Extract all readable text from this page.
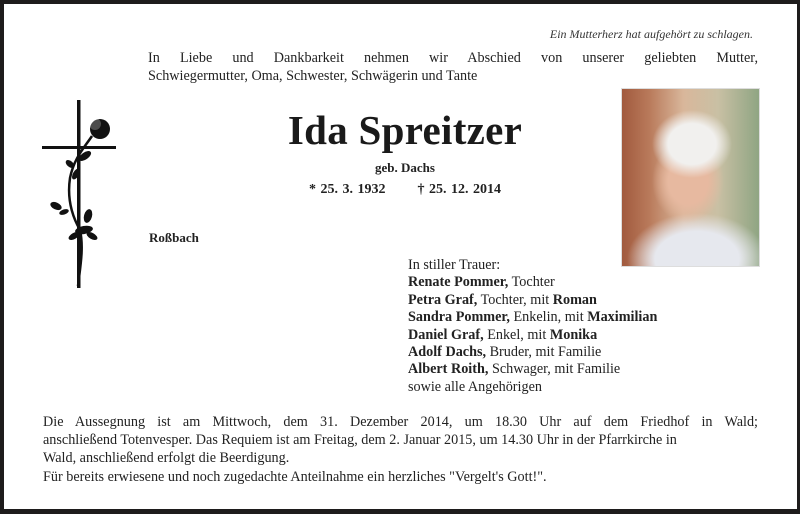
Ein Mutterherz hat aufgehört zu schlagen.
In Liebe und Dankbarkeit nehmen wir Abschied von unserer geliebten Mutter,
Schwiegermutter, Oma, Schwester, Schwägerin und Tante
Ida Spreitzer
geb. Dachs
* 25. 3. 1932 † 25. 12. 2014
Roßbach
In stiller Trauer:
Renate Pommer, Tochter
Petra Graf, Tochter, mit Roman
Sandra Pommer, Enkelin, mit Maximilian
Daniel Graf, Enkel, mit Monika
Adolf Dachs, Bruder, mit Familie
Albert Roith, Schwager, mit Familie
sowie alle Angehörigen
Die Aussegnung ist am Mittwoch, dem 31. Dezember 2014, um 18.30 Uhr auf dem Friedhof in Wald;
anschließend Totenvesper. Das Requiem ist am Freitag, dem 2. Januar 2015, um 14.30 Uhr in der Pfarrkirche in
Wald, anschließend erfolgt die Beerdigung.
Für bereits erwiesene und noch zugedachte Anteilnahme ein herzliches "Vergelt's Gott!".
